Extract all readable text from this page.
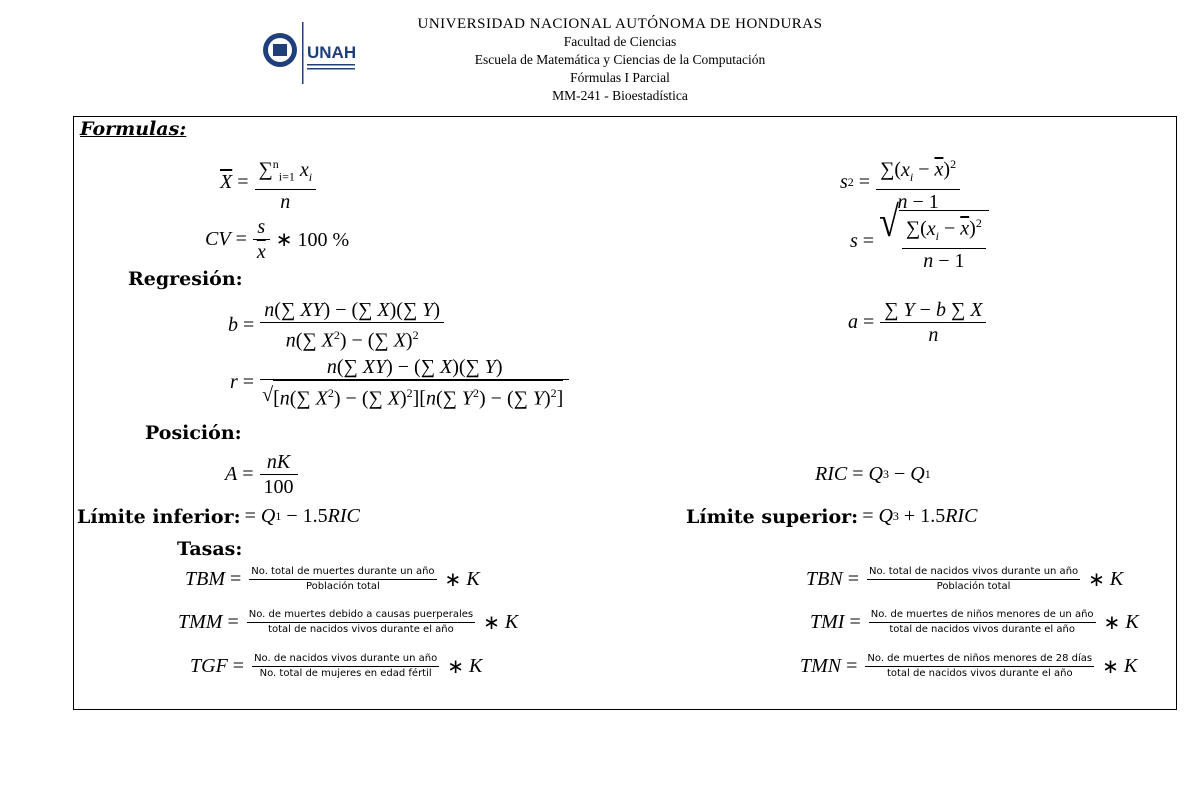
UNAH
UNIVERSIDAD NACIONAL AUTÓNOMA DE HONDURAS
Facultad de Ciencias
Escuela de Matemática y Ciencias de la Computación
Fórmulas I Parcial
MM-241 - Bioestadística
Formulas:
$\overline{X} = \frac{\sum^n_{i=1} x_i}{n}$	s $2 = \frac{\sum(x_i - \overline{x})^2}{n - 1}$
CV = $\frac{s}{x}$ ∗ 100 %	s = √ $\frac{\sum(x_i - \overline{x})^2}{n - 1}$
Regresión:
$b = \frac{n(\sum XY) - (\sum X)(\sum Y)}{n(\sum X^2) - (\sum X)^2}$	$a = \frac{\sum Y - b \sum X}{n}$
$r = \frac{n(\sum XY) - (\sum X)(\sum Y)}{√ [n(\sum X^2) - (\sum X)^2][n(\sum Y^2) - (\sum Y)^2]}$
Posición:
$A = \frac{nK}{100}$	RIC = Q 3 − Q 1
Límite inferior: = Q 1 − 1.5 RIC	Límite superior: = Q 3 + 1.5 RIC
Tasas:
TBM = No. total de muertes durante un año
Población total	∗ K	TBN = No. total de nacidos vivos durante un año
Población total	∗ K
TMM = No. de muertes debido a causas puerperales
total de nacidos vivos durante el año	∗ K	TMI = No. de muertes de niños menores de un año
total de nacidos vivos durante el año	∗ K
TGF = No. de nacidos vivos durante un año
No. total de mujeres en edad fértil ∗ K	TMN = No. de muertes de niños menores de 28 días
total de nacidos vivos durante el año	∗ K
